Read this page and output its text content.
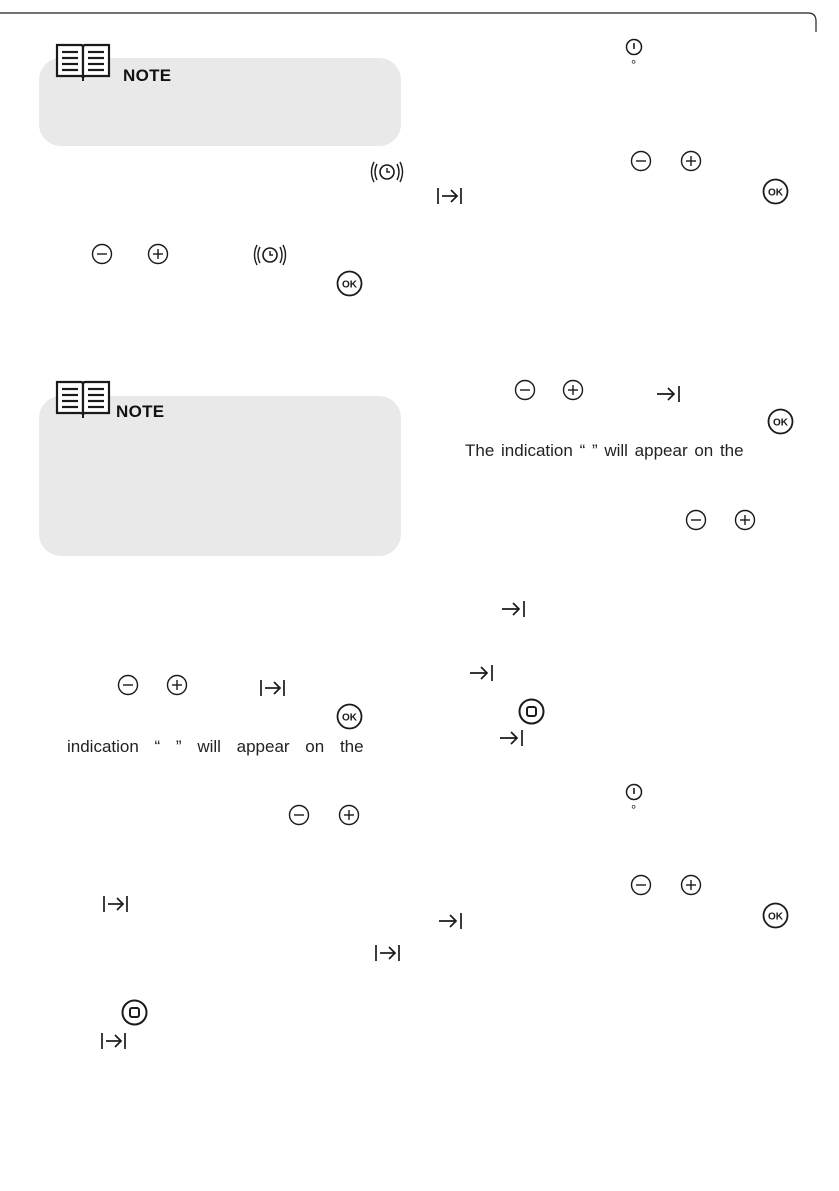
NOTE
OK
NOTE
OK
indication “ ” will appear on the
°
OK
OK
The indication “ ” will appear on the
°
OK
